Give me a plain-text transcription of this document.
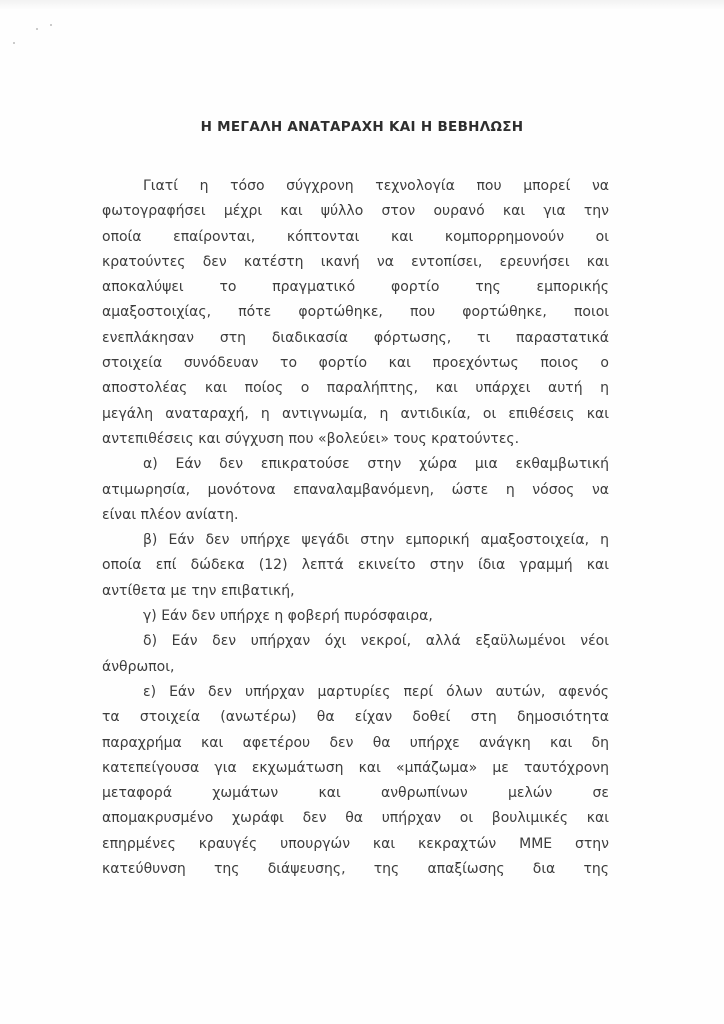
Η ΜΕΓΑΛΗ ΑΝΑΤΑΡΑΧΗ ΚΑΙ Η ΒΕΒΗΛΩΣΗ
Γιατί η τόσο σύγχρονη τεχνολογία που μπορεί να
φωτογραφήσει μέχρι και ψύλλο στον ουρανό και για την
οποία επαίρονται, κόπτονται και κομπορρημονούν οι
κρατούντες δεν κατέστη ικανή να εντοπίσει, ερευνήσει και
αποκαλύψει το πραγματικό φορτίο της εμπορικής
αμαξοστοιχίας, πότε φορτώθηκε, που φορτώθηκε, ποιοι
ενεπλάκησαν στη διαδικασία φόρτωσης, τι παραστατικά
στοιχεία συνόδευαν το φορτίο και προεχόντως ποιος ο
αποστολέας και ποίος ο παραλήπτης, και υπάρχει αυτή η
μεγάλη αναταραχή, η αντιγνωμία, η αντιδικία, οι επιθέσεις και
αντεπιθέσεις και σύγχυση που «βολεύει» τους κρατούντες.
α) Εάν δεν επικρατούσε στην χώρα μια εκθαμβωτική
ατιμωρησία, μονότονα επαναλαμβανόμενη, ώστε η νόσος να
είναι πλέον ανίατη.
β) Εάν δεν υπήρχε ψεγάδι στην εμπορική αμαξοστοιχεία, η
οποία επί δώδεκα (12) λεπτά εκινείτο στην ίδια γραμμή και
αντίθετα με την επιβατική,
γ) Εάν δεν υπήρχε η φοβερή πυρόσφαιρα,
δ) Εάν δεν υπήρχαν όχι νεκροί, αλλά εξαϋλωμένοι νέοι
άνθρωποι,
ε) Εάν δεν υπήρχαν μαρτυρίες περί όλων αυτών, αφενός
τα στοιχεία (ανωτέρω) θα είχαν δοθεί στη δημοσιότητα
παραχρήμα και αφετέρου δεν θα υπήρχε ανάγκη και δη
κατεπείγουσα για εκχωμάτωση και «μπάζωμα» με ταυτόχρονη
μεταφορά χωμάτων και ανθρωπίνων μελών σε
απομακρυσμένο χωράφι δεν θα υπήρχαν οι βουλιμικές και
επηρμένες κραυγές υπουργών και κεκραχτών ΜΜΕ στην
κατεύθυνση της διάψευσης, της απαξίωσης δια της
